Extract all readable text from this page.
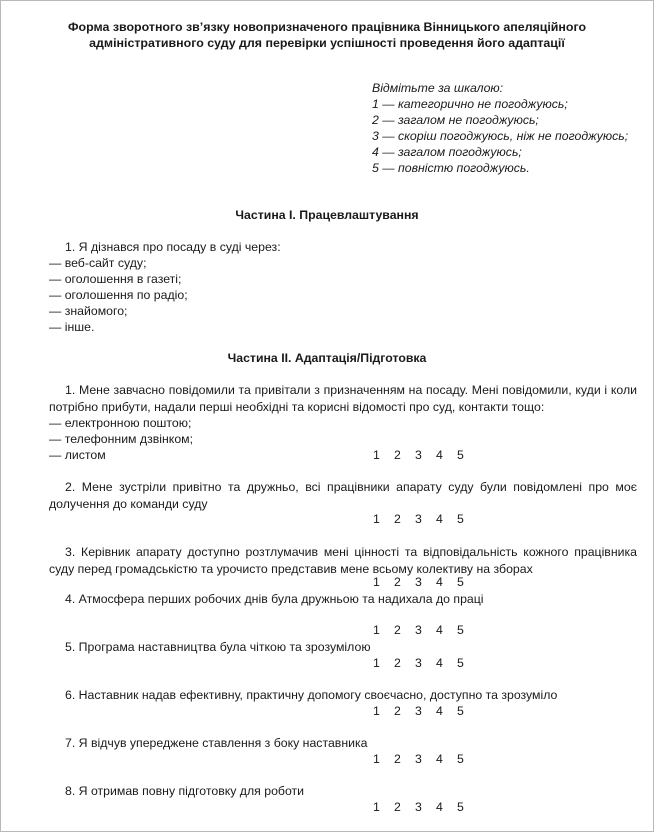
Форма зворотного зв’язку новопризначеного працівника Вінницького апеляційного
адміністративного суду для перевірки успішності проведення його адаптації
Відмітьте за шкалою:
1 — категорично не погоджуюсь;
2 — загалом не погоджуюсь;
3 — скоріш погоджуюсь, ніж не погоджуюсь;
4 — загалом погоджуюсь;
5 — повністю погоджуюсь.
Частина І. Працевлаштування
1. Я дізнався про посаду в суді через:
— веб-сайт суду;
— оголошення в газеті;
— оголошення по радіо;
— знайомого;
— інше.
Частина ІІ. Адаптація/Підготовка
1. Мене завчасно повідомили та привітали з призначенням на посаду. Мені повідомили, куди і коли потрібно прибути, надали перші необхідні та корисні відомості про суд, контакти тощо:
— електронною поштою;
— телефонним дзвінком;
— листом	1 2 3 4 5
2. Мене зустріли привітно та дружньо, всі працівники апарату суду були повідомлені про моє долучення до команди суду
1 2 3 4 5
3. Керівник апарату доступно розтлумачив мені цінності та відповідальність кожного працівника суду перед громадськістю та урочисто представив мене всьому колективу на зборах
1 2 3 4 5
4. Атмосфера перших робочих днів була дружньою та надихала до праці
1 2 3 4 5
5. Програма наставництва була чіткою та зрозумілою
1 2 3 4 5
6. Наставник надав ефективну, практичну допомогу своєчасно, доступно та зрозуміло
1 2 3 4 5
7. Я відчув упереджене ставлення з боку наставника
1 2 3 4 5
8. Я отримав повну підготовку для роботи
1 2 3 4 5
